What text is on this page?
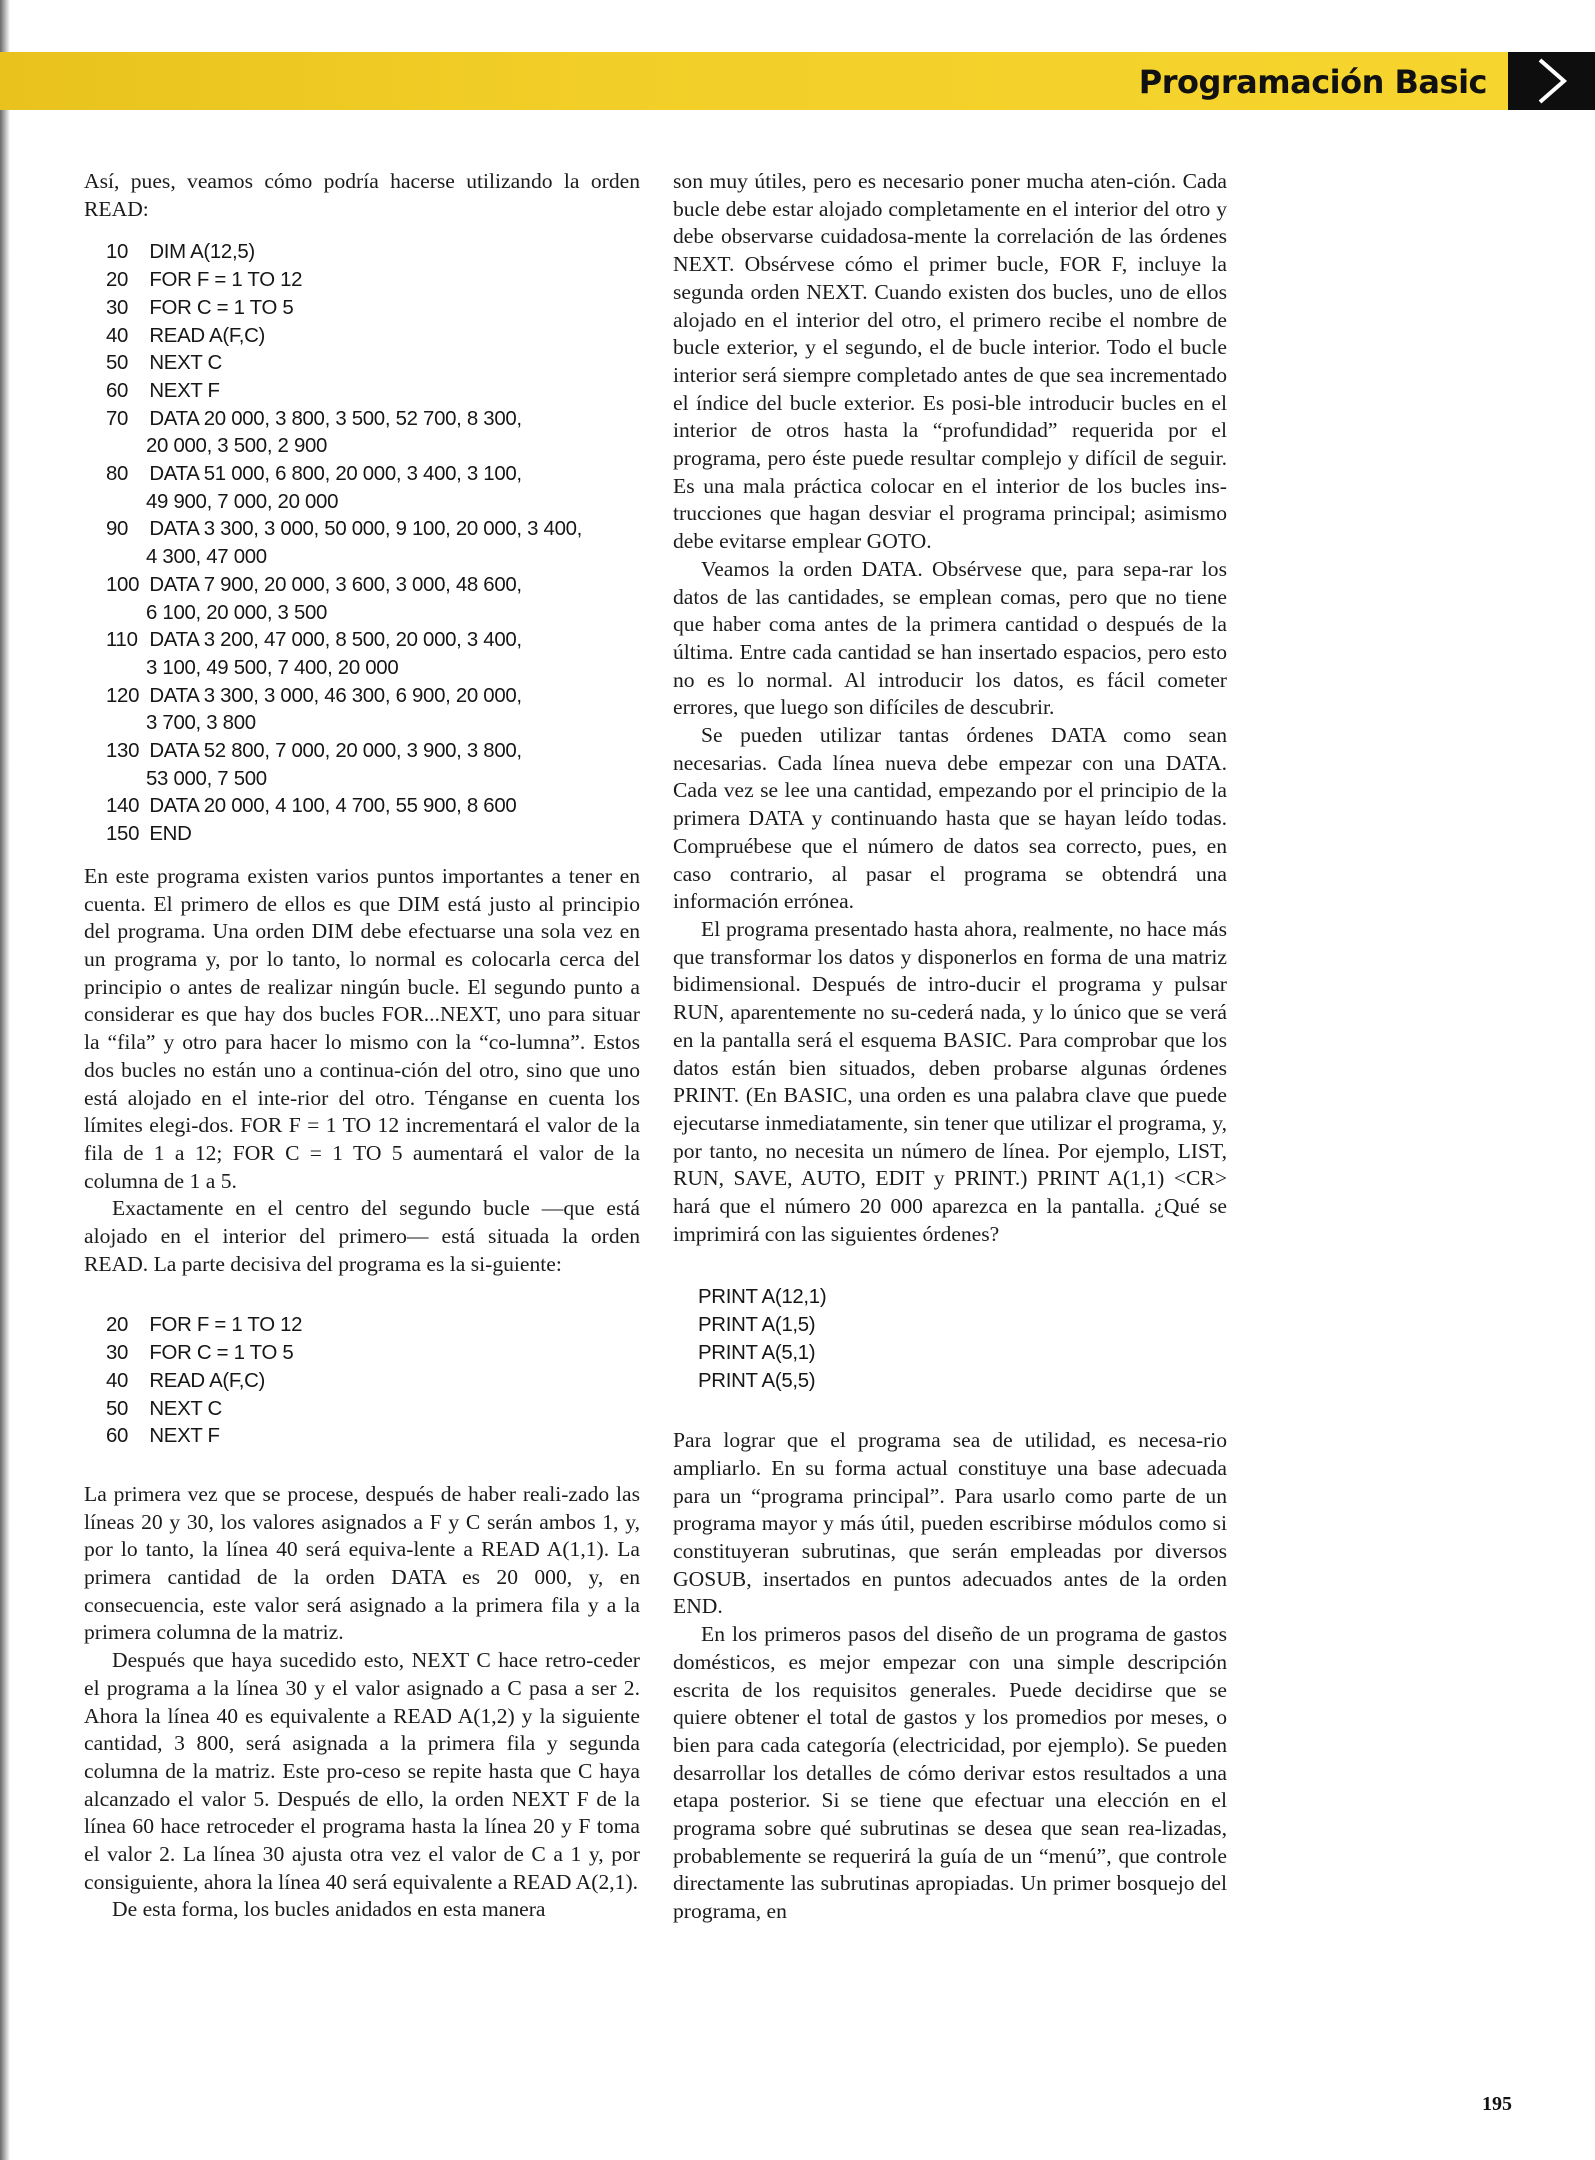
Programación Basic

Así, pues, veamos cómo podría hacerse utilizando la orden READ:

10 DIM A(12,5)
20 FOR F = 1 TO 12
30 FOR C = 1 TO 5
40 READ A(F,C)
50 NEXT C
60 NEXT F
70 DATA 20 000, 3 800, 3 500, 52 700, 8 300,
20 000, 3 500, 2 900
80 DATA 51 000, 6 800, 20 000, 3 400, 3 100,
49 900, 7 000, 20 000
90 DATA 3 300, 3 000, 50 000, 9 100, 20 000, 3 400,
4 300, 47 000
100 DATA 7 900, 20 000, 3 600, 3 000, 48 600,
6 100, 20 000, 3 500
110 DATA 3 200, 47 000, 8 500, 20 000, 3 400,
3 100, 49 500, 7 400, 20 000
120 DATA 3 300, 3 000, 46 300, 6 900, 20 000,
3 700, 3 800
130 DATA 52 800, 7 000, 20 000, 3 900, 3 800,
53 000, 7 500
140 DATA 20 000, 4 100, 4 700, 55 900, 8 600
150 END

En este programa existen varios puntos importantes a tener en cuenta. El primero de ellos es que DIM está justo al principio del programa. Una orden DIM debe efectuarse una sola vez en un programa y, por lo tanto, lo normal es colocarla cerca del principio o antes de realizar ningún bucle. El segundo punto a considerar es que hay dos bucles FOR...NEXT, uno para situar la “fila” y otro para hacer lo mismo con la “co-lumna”. Estos dos bucles no están uno a continua-ción del otro, sino que uno está alojado en el inte-rior del otro. Ténganse en cuenta los límites elegi-dos. FOR F = 1 TO 12 incrementará el valor de la fila de 1 a 12; FOR C = 1 TO 5 aumentará el valor de la columna de 1 a 5.

Exactamente en el centro del segundo bucle —que está alojado en el interior del primero— está situada la orden READ. La parte decisiva del programa es la si-guiente:

20 FOR F = 1 TO 12
30 FOR C = 1 TO 5
40 READ A(F,C)
50 NEXT C
60 NEXT F

La primera vez que se procese, después de haber reali-zado las líneas 20 y 30, los valores asignados a F y C serán ambos 1, y, por lo tanto, la línea 40 será equiva-lente a READ A(1,1). La primera cantidad de la orden DATA es 20 000, y, en consecuencia, este valor será asignado a la primera fila y a la primera columna de la matriz.

Después que haya sucedido esto, NEXT C hace retro-ceder el programa a la línea 30 y el valor asignado a C pasa a ser 2. Ahora la línea 40 es equivalente a READ A(1,2) y la siguiente cantidad, 3 800, será asignada a la primera fila y segunda columna de la matriz. Este pro-ceso se repite hasta que C haya alcanzado el valor 5. Después de ello, la orden NEXT F de la línea 60 hace retroceder el programa hasta la línea 20 y F toma el valor 2. La línea 30 ajusta otra vez el valor de C a 1 y, por consiguiente, ahora la línea 40 será equivalente a READ A(2,1).

De esta forma, los bucles anidados en esta manera

son muy útiles, pero es necesario poner mucha aten-ción. Cada bucle debe estar alojado completamente en el interior del otro y debe observarse cuidadosa-mente la correlación de las órdenes NEXT. Obsérvese cómo el primer bucle, FOR F, incluye la segunda orden NEXT. Cuando existen dos bucles, uno de ellos alojado en el interior del otro, el primero recibe el nombre de bucle exterior, y el segundo, el de bucle interior. Todo el bucle interior será siempre completado antes de que sea incrementado el índice del bucle exterior. Es posi-ble introducir bucles en el interior de otros hasta la “profundidad” requerida por el programa, pero éste puede resultar complejo y difícil de seguir. Es una mala práctica colocar en el interior de los bucles ins-trucciones que hagan desviar el programa principal; asimismo debe evitarse emplear GOTO.

Veamos la orden DATA. Obsérvese que, para sepa-rar los datos de las cantidades, se emplean comas, pero que no tiene que haber coma antes de la primera cantidad o después de la última. Entre cada cantidad se han insertado espacios, pero esto no es lo normal. Al introducir los datos, es fácil cometer errores, que luego son difíciles de descubrir.

Se pueden utilizar tantas órdenes DATA como sean necesarias. Cada línea nueva debe empezar con una DATA. Cada vez se lee una cantidad, empezando por el principio de la primera DATA y continuando hasta que se hayan leído todas. Compruébese que el número de datos sea correcto, pues, en caso contrario, al pasar el programa se obtendrá una información errónea.

El programa presentado hasta ahora, realmente, no hace más que transformar los datos y disponerlos en forma de una matriz bidimensional. Después de intro-ducir el programa y pulsar RUN, aparentemente no su-cederá nada, y lo único que se verá en la pantalla será el esquema BASIC. Para comprobar que los datos están bien situados, deben probarse algunas órdenes PRINT. (En BASIC, una orden es una palabra clave que puede ejecutarse inmediatamente, sin tener que utilizar el programa, y, por tanto, no necesita un número de línea. Por ejemplo, LIST, RUN, SAVE, AUTO, EDIT y PRINT.) PRINT A(1,1) <CR> hará que el número 20 000 aparezca en la pantalla. ¿Qué se imprimirá con las siguientes órdenes?

PRINT A(12,1)
PRINT A(1,5)
PRINT A(5,1)
PRINT A(5,5)

Para lograr que el programa sea de utilidad, es necesa-rio ampliarlo. En su forma actual constituye una base adecuada para un “programa principal”. Para usarlo como parte de un programa mayor y más útil, pueden escribirse módulos como si constituyeran subrutinas, que serán empleadas por diversos GOSUB, insertados en puntos adecuados antes de la orden END.

En los primeros pasos del diseño de un programa de gastos domésticos, es mejor empezar con una simple descripción escrita de los requisitos generales. Puede decidirse que se quiere obtener el total de gastos y los promedios por meses, o bien para cada categoría (electricidad, por ejemplo). Se pueden desarrollar los detalles de cómo derivar estos resultados a una etapa posterior. Si se tiene que efectuar una elección en el programa sobre qué subrutinas se desea que sean rea-lizadas, probablemente se requerirá la guía de un “menú”, que controle directamente las subrutinas apropiadas. Un primer bosquejo del programa, en

195
